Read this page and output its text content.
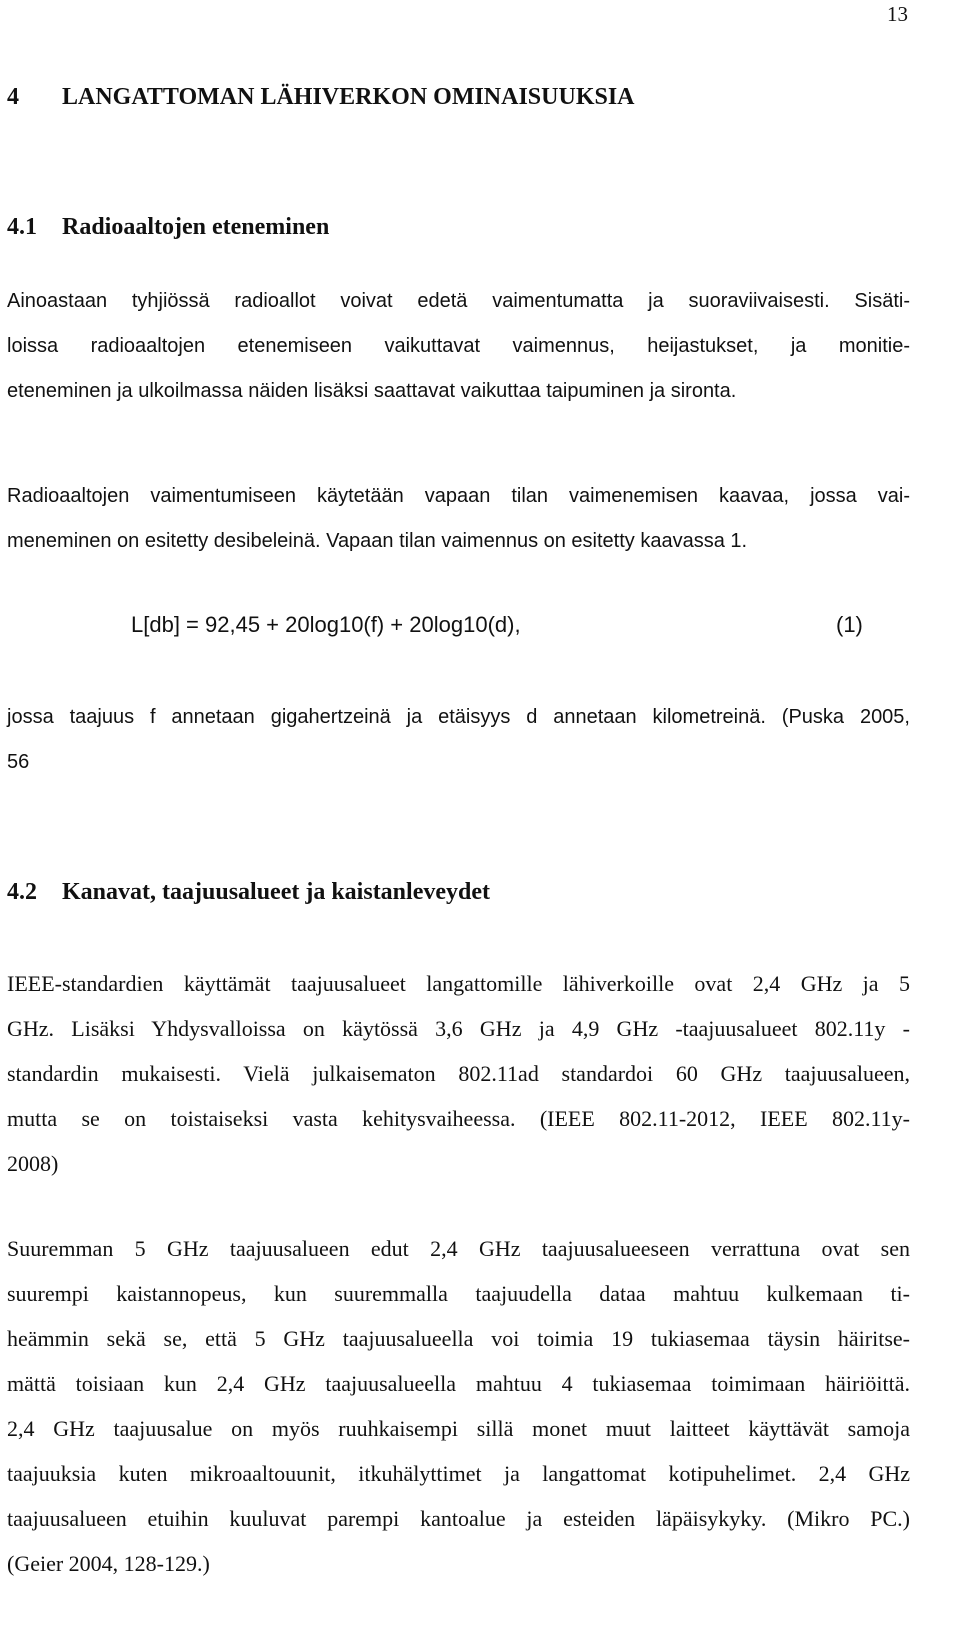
13
4 LANGATTOMAN LÄHIVERKON OMINAISUUKSIA
4.1 Radioaaltojen eteneminen
Ainoastaan tyhjiössä radioallot voivat edetä vaimentumatta ja suoraviivaisesti. Sisäti-
loissa radioaaltojen etenemiseen vaikuttavat vaimennus, heijastukset, ja monitie-
eteneminen ja ulkoilmassa näiden lisäksi saattavat vaikuttaa taipuminen ja sironta.
Radioaaltojen vaimentumiseen käytetään vapaan tilan vaimenemisen kaavaa, jossa vai-
meneminen on esitetty desibeleinä. Vapaan tilan vaimennus on esitetty kaavassa 1.
L[db] = 92,45 + 20log10(f) + 20log10(d),	(1)
jossa taajuus f annetaan gigahertzeinä ja etäisyys d annetaan kilometreinä. (Puska 2005,
56
4.2 Kanavat, taajuusalueet ja kaistanleveydet
IEEE-standardien käyttämät taajuusalueet langattomille lähiverkoille ovat 2,4 GHz ja 5
GHz. Lisäksi Yhdysvalloissa on käytössä 3,6 GHz ja 4,9 GHz -taajuusalueet 802.11y -
standardin mukaisesti. Vielä julkaisematon 802.11ad standardoi 60 GHz taajuusalueen,
mutta se on toistaiseksi vasta kehitysvaiheessa. (IEEE 802.11-2012, IEEE 802.11y-
2008)
Suuremman 5 GHz taajuusalueen edut 2,4 GHz taajuusalueeseen verrattuna ovat sen
suurempi kaistannopeus, kun suuremmalla taajuudella dataa mahtuu kulkemaan ti-
heämmin sekä se, että 5 GHz taajuusalueella voi toimia 19 tukiasemaa täysin häiritse-
mättä toisiaan kun 2,4 GHz taajuusalueella mahtuu 4 tukiasemaa toimimaan häiriöittä.
2,4 GHz taajuusalue on myös ruuhkaisempi sillä monet muut laitteet käyttävät samoja
taajuuksia kuten mikroaaltouunit, itkuhälyttimet ja langattomat kotipuhelimet. 2,4 GHz
taajuusalueen etuihin kuuluvat parempi kantoalue ja esteiden läpäisykyky. (Mikro PC.)
(Geier 2004, 128-129.)
